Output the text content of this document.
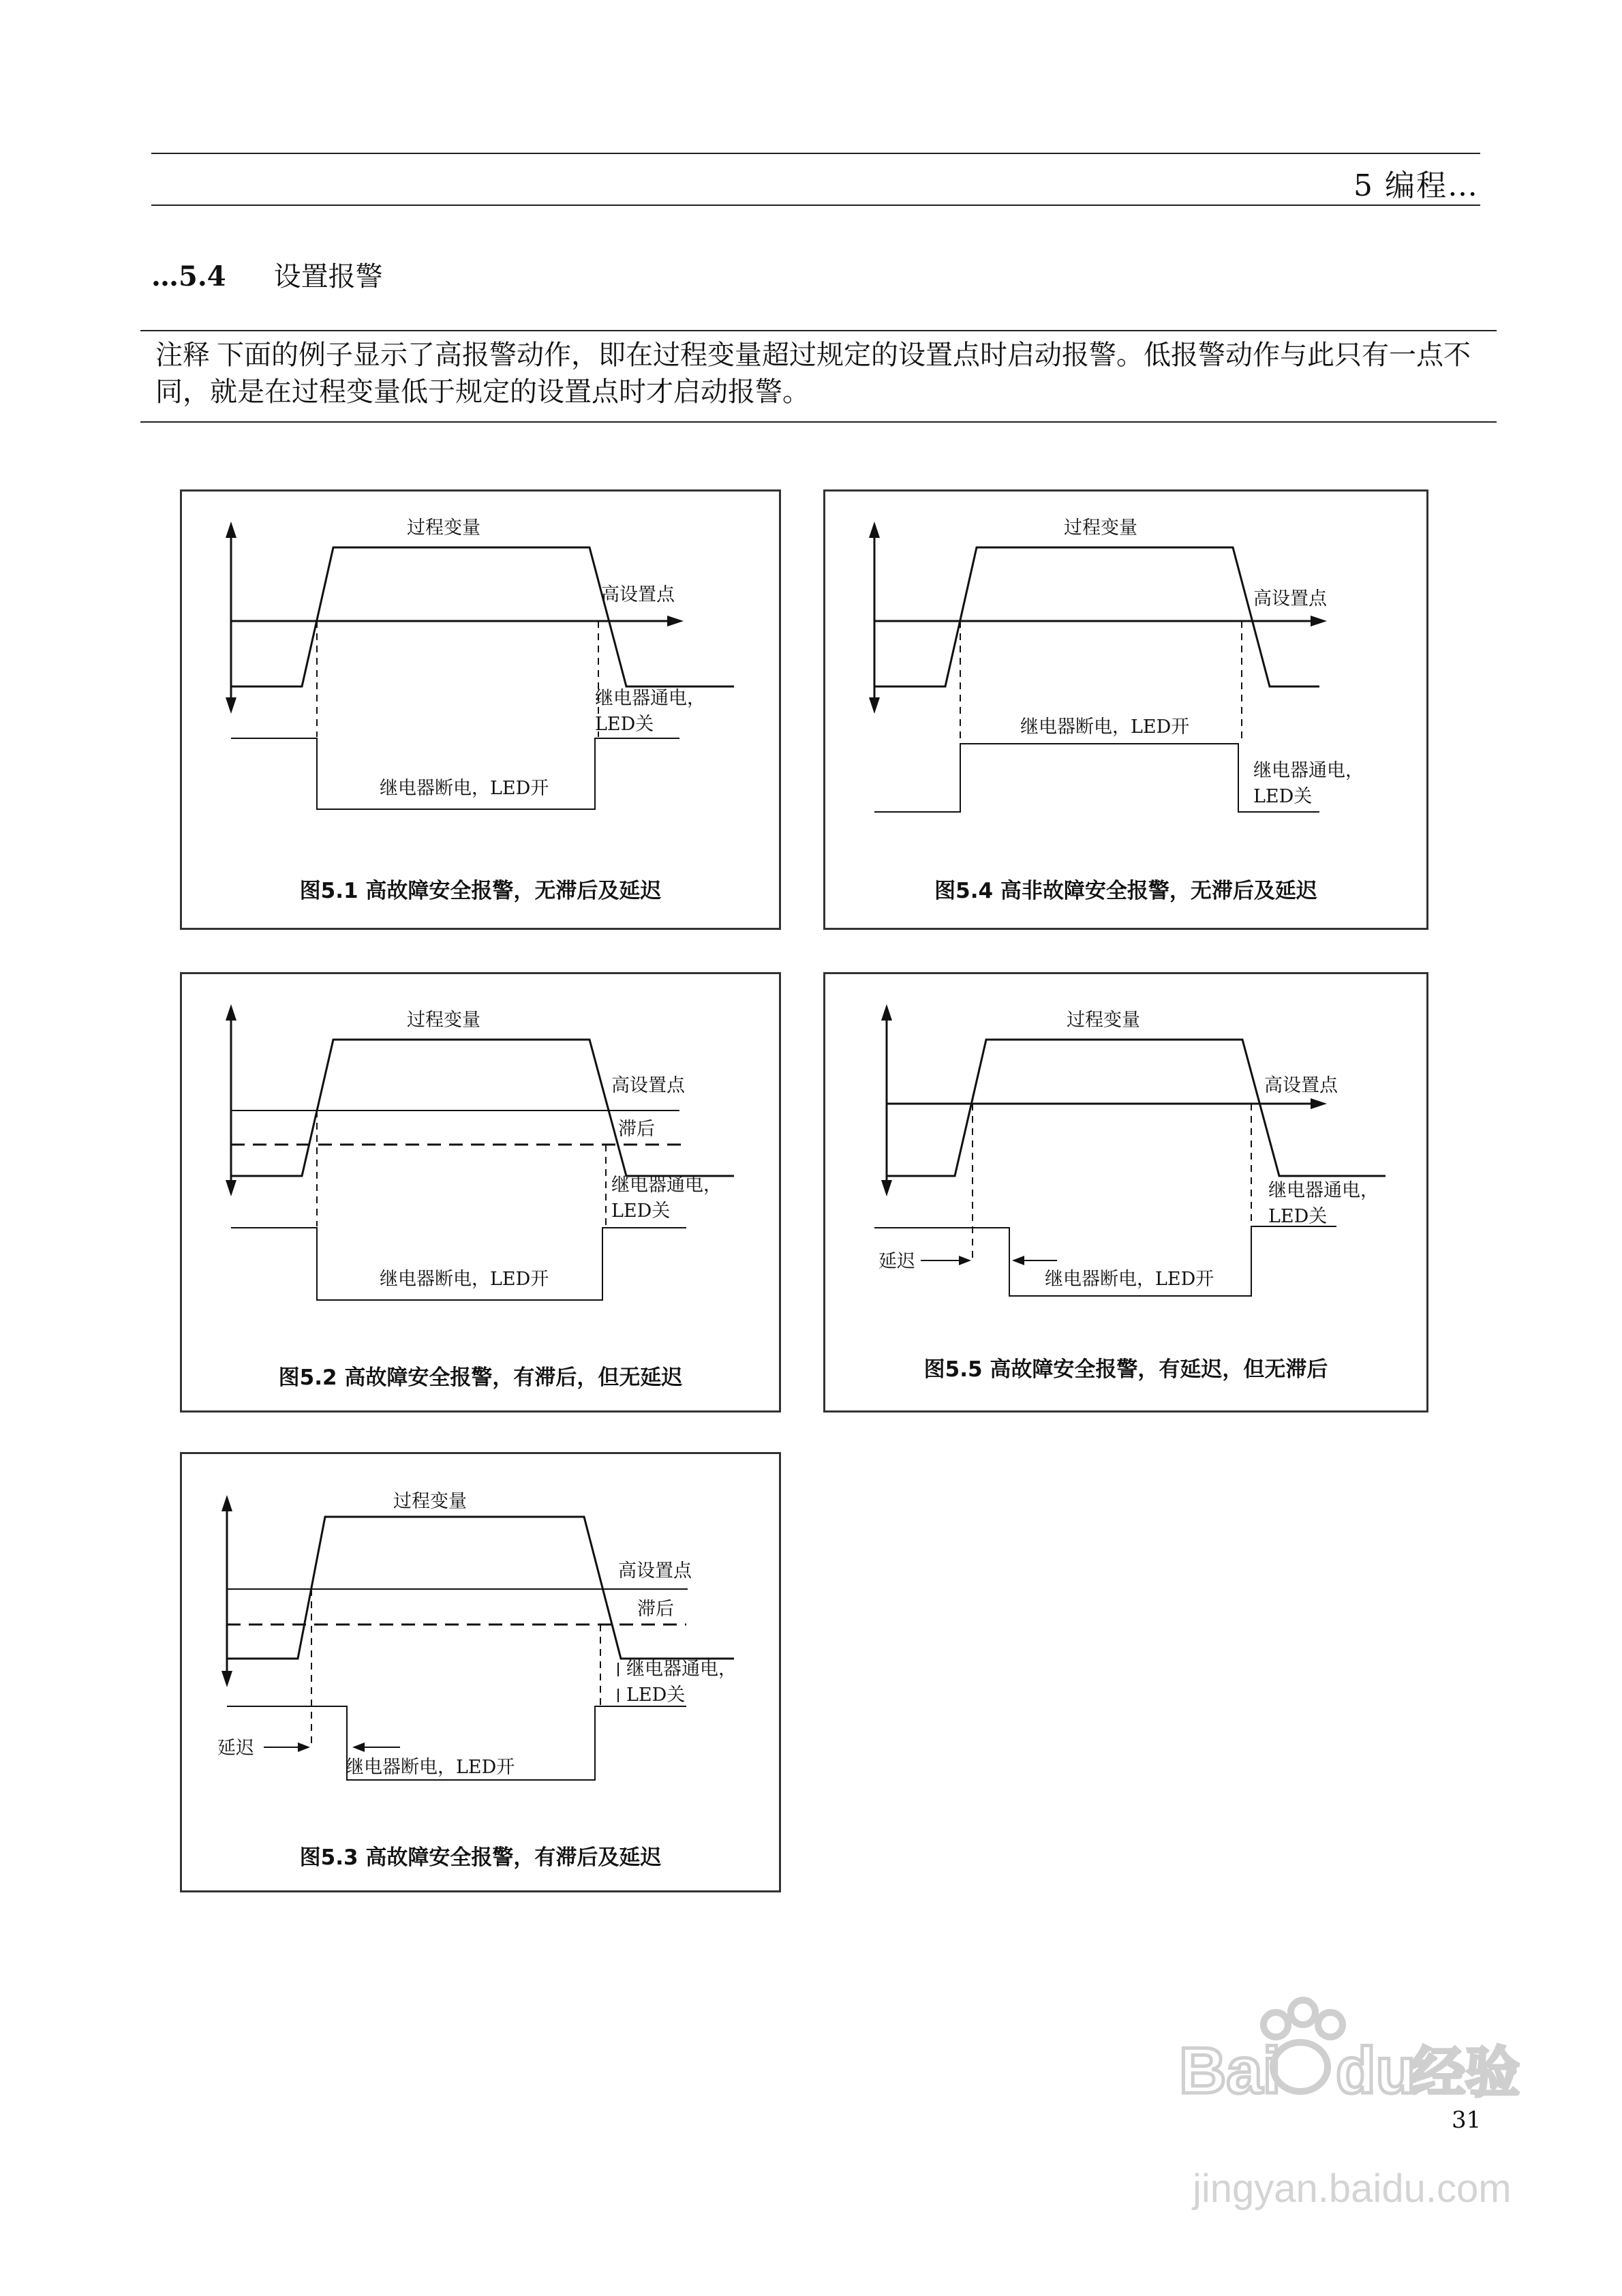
5 编程…
…5.4 设置报警
注释 下面的例子显示了高报警动作，即在过程变量超过规定的设置点时启动报警。低报警动作与此只有一点不同，就是在过程变量低于规定的设置点时才启动报警。
过程变量
高设置点
继电器通电，
LED关
继电器断电，LED开
图5.1 高故障安全报警，无滞后及延迟
过程变量
高设置点
继电器断电，LED开
继电器通电，
LED关
图5.4 高非故障安全报警，无滞后及延迟
过程变量
高设置点
滞后
继电器通电，
LED关
继电器断电，LED开
图5.2 高故障安全报警，有滞后，但无延迟
过程变量
高设置点
继电器通电，
LED关
延迟
继电器断电，LED开
图5.5 高故障安全报警，有延迟，但无滞后
过程变量
高设置点
滞后
继电器通电，
LED关
延迟
继电器断电，LED开
图5.3 高故障安全报警，有滞后及延迟
Bai du
经验
jingyan.baidu.com
31
